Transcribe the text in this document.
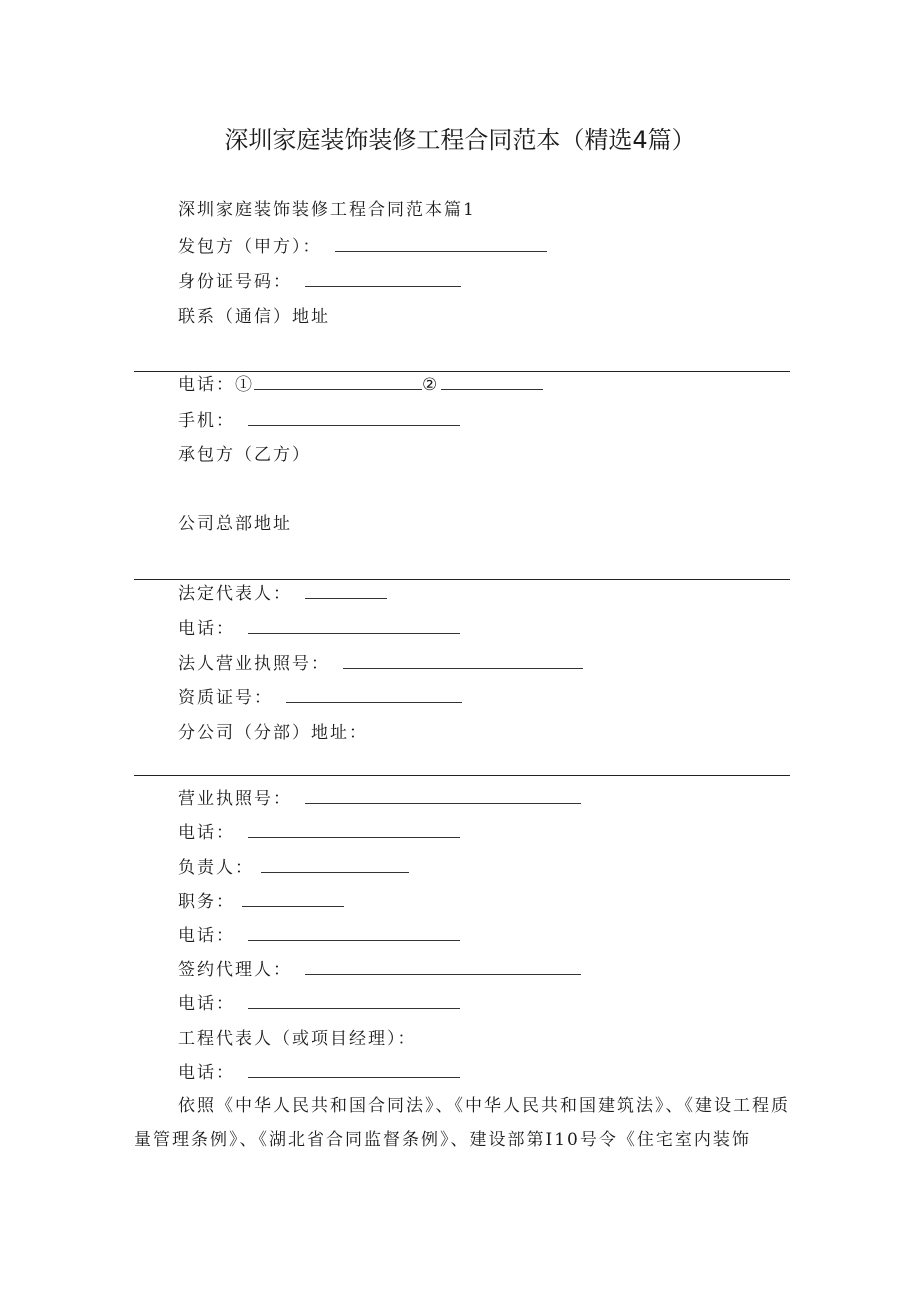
深圳家庭装饰装修工程合同范本（精选4篇）
深圳家庭装饰装修工程合同范本篇1
发包方（甲方）：
身份证号码：
联系（通信）地址
电话：①	②
手机：
承包方（乙方）
公司总部地址
法定代表人：
电话：
法人营业执照号：
资质证号：
分公司（分部）地址：
营业执照号：
电话：
负责人：
职务：
电话：
签约代理人：
电话：
工程代表人（或项目经理）：
电话：
依照《中华人民共和国合同法》、《中华人民共和国建筑法》、《建设工程质量管理条例》、《湖北省合同监督条例》、建设部第I10号令《住宅室内装饰
